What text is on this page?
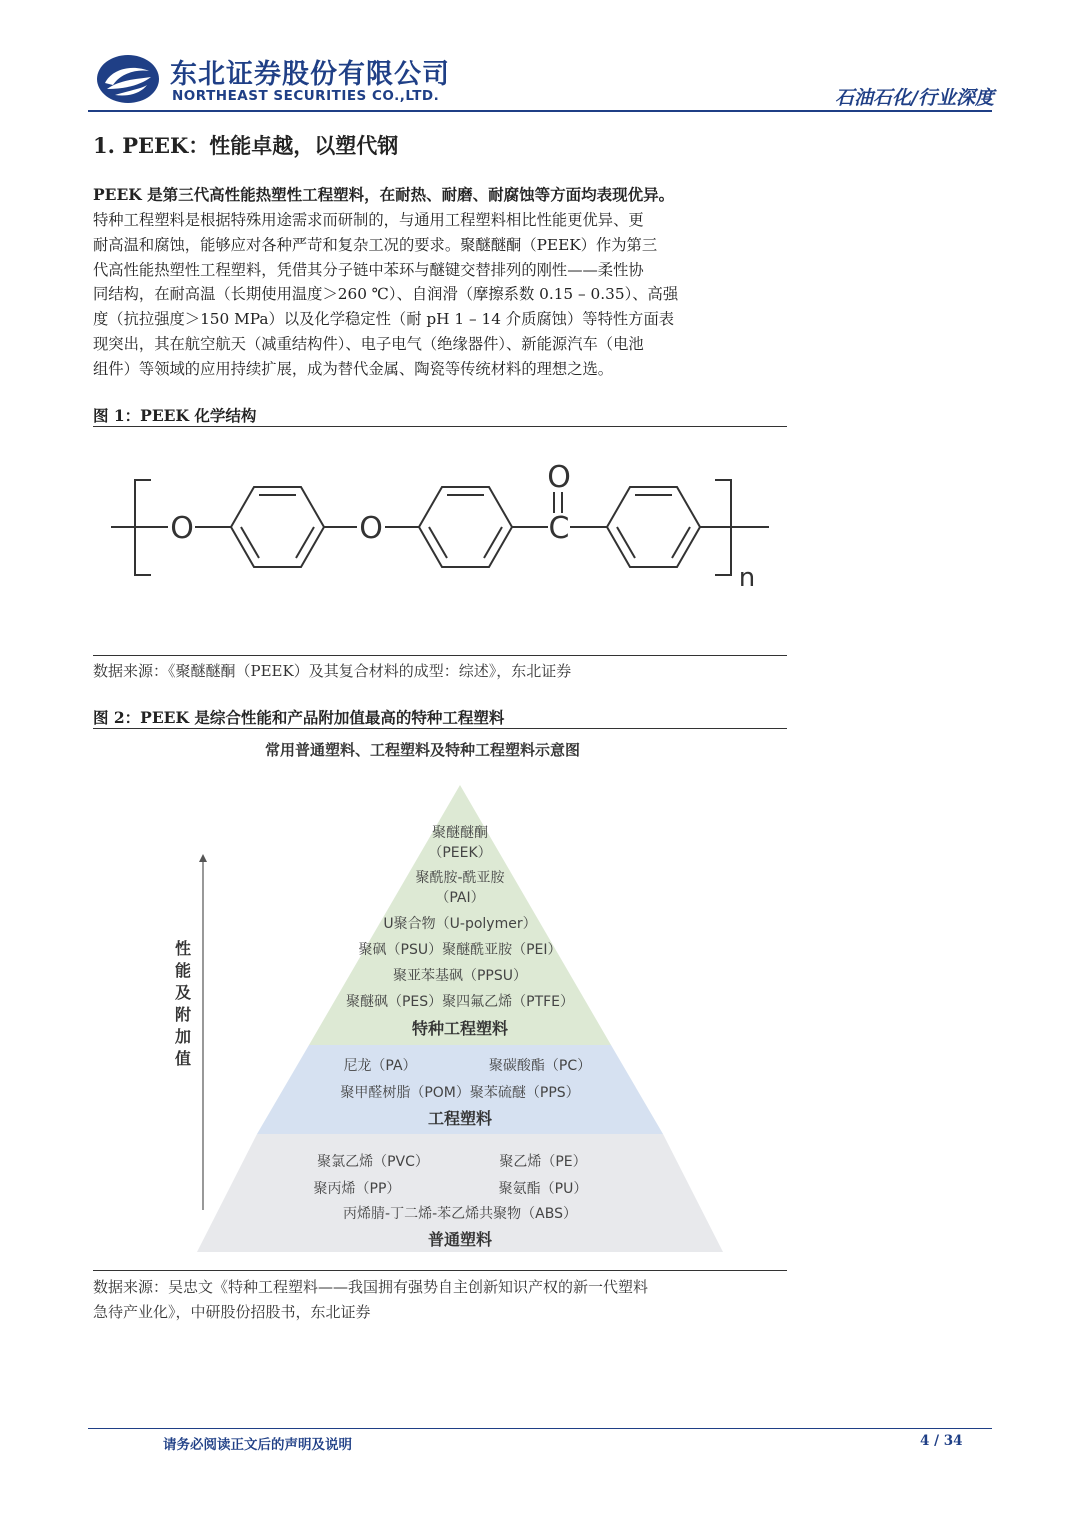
东北证券股份有限公司
NORTHEAST SECURITIES CO.,LTD.	石油石化/行业深度
1. PEEK：性能卓越，以塑代钢
PEEK 是第三代高性能热塑性工程塑料，在耐热、耐磨、耐腐蚀等方面均表现优异。
特种工程塑料是根据特殊用途需求而研制的，与通用工程塑料相比性能更优异、更
耐高温和腐蚀，能够应对各种严苛和复杂工况的要求。聚醚醚酮（PEEK）作为第三
代高性能热塑性工程塑料，凭借其分子链中苯环与醚键交替排列的刚性——柔性协
同结构，在耐高温（长期使用温度＞260 ℃）、自润滑（摩擦系数 0.15 – 0.35）、高强
度（抗拉强度＞150 MPa）以及化学稳定性（耐 pH 1 – 14 介质腐蚀）等特性方面表
现突出，其在航空航天（减重结构件）、电子电气（绝缘器件）、新能源汽车（电池
组件）等领域的应用持续扩展，成为替代金属、陶瓷等传统材料的理想之选。
图 1：PEEK 化学结构
O	O	C
O
n
数据来源：《聚醚醚酮（PEEK）及其复合材料的成型：综述》，东北证券
图 2：PEEK 是综合性能和产品附加值最高的特种工程塑料
常用普通塑料、工程塑料及特种工程塑料示意图
性
能
及
附
加
值
聚醚醚酮
（PEEK）
聚酰胺-酰亚胺
（PAI）
U聚合物（U-polymer）
聚砜（PSU）聚醚酰亚胺（PEI）
聚亚苯基砜（PPSU）
聚醚砜（PES）聚四氟乙烯（PTFE）
特种工程塑料
尼龙（PA）	聚碳酸酯（PC）
聚甲醛树脂（POM）聚苯硫醚（PPS）
工程塑料
聚氯乙烯（PVC）	聚乙烯（PE）
聚丙烯（PP）	聚氨酯（PU）
丙烯腈-丁二烯-苯乙烯共聚物（ABS）
普通塑料
数据来源：吴忠文《特种工程塑料——我国拥有强势自主创新知识产权的新一代塑料
急待产业化》，中研股份招股书，东北证券
请务必阅读正文后的声明及说明	4 / 34
